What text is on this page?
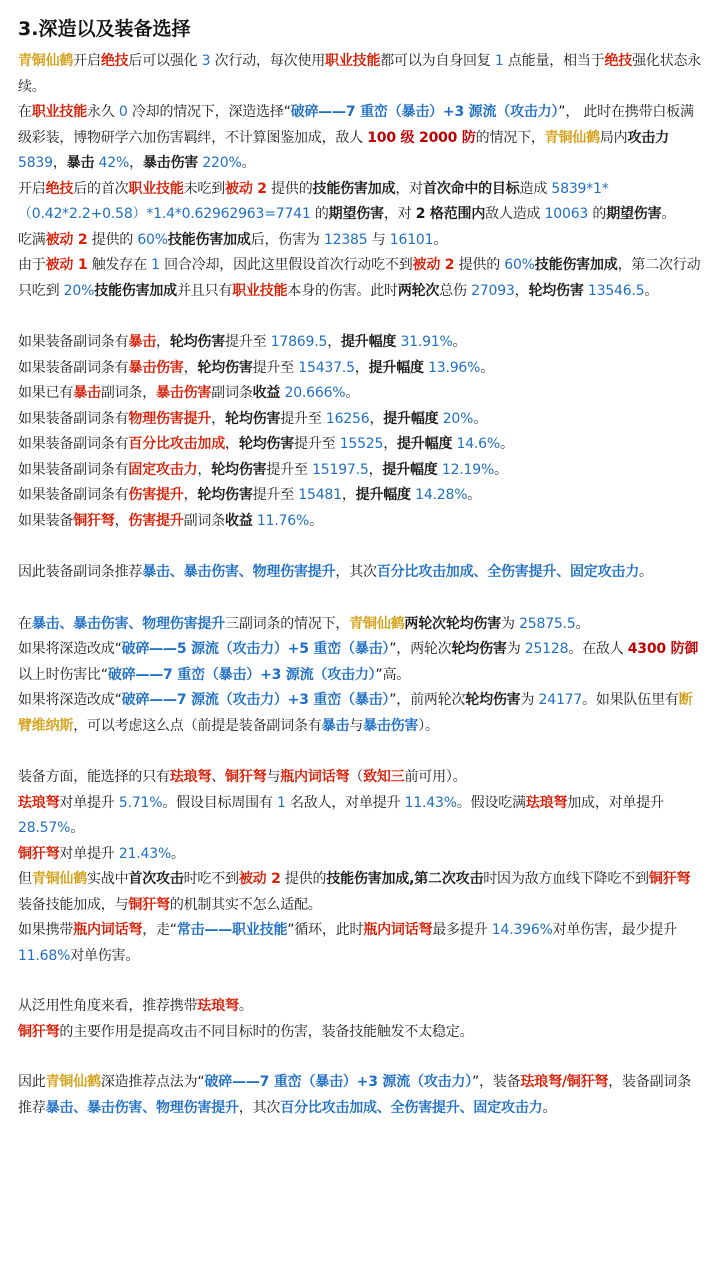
3.深造以及装备选择

青铜仙鹤开启绝技后可以强化 3 次行动，每次使用职业技能都可以为自身回复 1 点能量，相当于绝技强化状态永续。

在职业技能永久 0 冷却的情况下，深造选择“破碎——7 重峦（暴击）+3 源流（攻击力）”， 此时在携带白板满级彩装，博物研学六加伤害羁绊，不计算图鉴加成，敌人 100 级 2000 防的情况下，青铜仙鹤局内攻击力 5839，暴击 42%，暴击伤害 220%。

开启绝技后的首次职业技能未吃到被动 2 提供的技能伤害加成，对首次命中的目标造成 5839*1*（0.42*2.2+0.58）*1.4*0.62962963=7741 的期望伤害，对 2 格范围内敌人造成 10063 的期望伤害。

吃满被动 2 提供的 60%技能伤害加成后，伤害为 12385 与 16101。

由于被动 1 触发存在 1 回合冷却，因此这里假设首次行动吃不到被动 2 提供的 60%技能伤害加成，第二次行动只吃到 20%技能伤害加成并且只有职业技能本身的伤害。此时两轮次总伤 27093，轮均伤害 13546.5。

如果装备副词条有暴击，轮均伤害提升至 17869.5，提升幅度 31.91%。

如果装备副词条有暴击伤害，轮均伤害提升至 15437.5，提升幅度 13.96%。

如果已有暴击副词条，暴击伤害副词条收益 20.666%。

如果装备副词条有物理伤害提升，轮均伤害提升至 16256，提升幅度 20%。

如果装备副词条有百分比攻击加成，轮均伤害提升至 15525，提升幅度 14.6%。

如果装备副词条有固定攻击力，轮均伤害提升至 15197.5，提升幅度 12.19%。

如果装备副词条有伤害提升，轮均伤害提升至 15481，提升幅度 14.28%。

如果装备铜犴弩，伤害提升副词条收益 11.76%。

因此装备副词条推荐暴击、暴击伤害、物理伤害提升，其次百分比攻击加成、全伤害提升、固定攻击力。

在暴击、暴击伤害、物理伤害提升三副词条的情况下，青铜仙鹤两轮次轮均伤害为 25875.5。

如果将深造改成“破碎——5 源流（攻击力）+5 重峦（暴击）”，两轮次轮均伤害为 25128。在敌人 4300 防御以上时伤害比“破碎——7 重峦（暴击）+3 源流（攻击力）”高。

如果将深造改成“破碎——7 源流（攻击力）+3 重峦（暴击）”，前两轮次轮均伤害为 24177。如果队伍里有断臂维纳斯，可以考虑这么点（前提是装备副词条有暴击与暴击伤害）。

装备方面，能选择的只有珐琅弩、铜犴弩与瓶内词话弩（致知三前可用）。

珐琅弩对单提升 5.71%。假设目标周围有 1 名敌人，对单提升 11.43%。假设吃满珐琅弩加成，对单提升 28.57%。

铜犴弩对单提升 21.43%。

但青铜仙鹤实战中首次攻击时吃不到被动 2 提供的技能伤害加成,第二次攻击时因为敌方血线下降吃不到铜犴弩装备技能加成，与铜犴弩的机制其实不怎么适配。

如果携带瓶内词话弩，走“常击——职业技能”循环，此时瓶内词话弩最多提升 14.396%对单伤害，最少提升 11.68%对单伤害。

从泛用性角度来看，推荐携带珐琅弩。

铜犴弩的主要作用是提高攻击不同目标时的伤害，装备技能触发不太稳定。

因此青铜仙鹤深造推荐点法为“破碎——7 重峦（暴击）+3 源流（攻击力）”，装备珐琅弩/铜犴弩，装备副词条推荐暴击、暴击伤害、物理伤害提升，其次百分比攻击加成、全伤害提升、固定攻击力。
